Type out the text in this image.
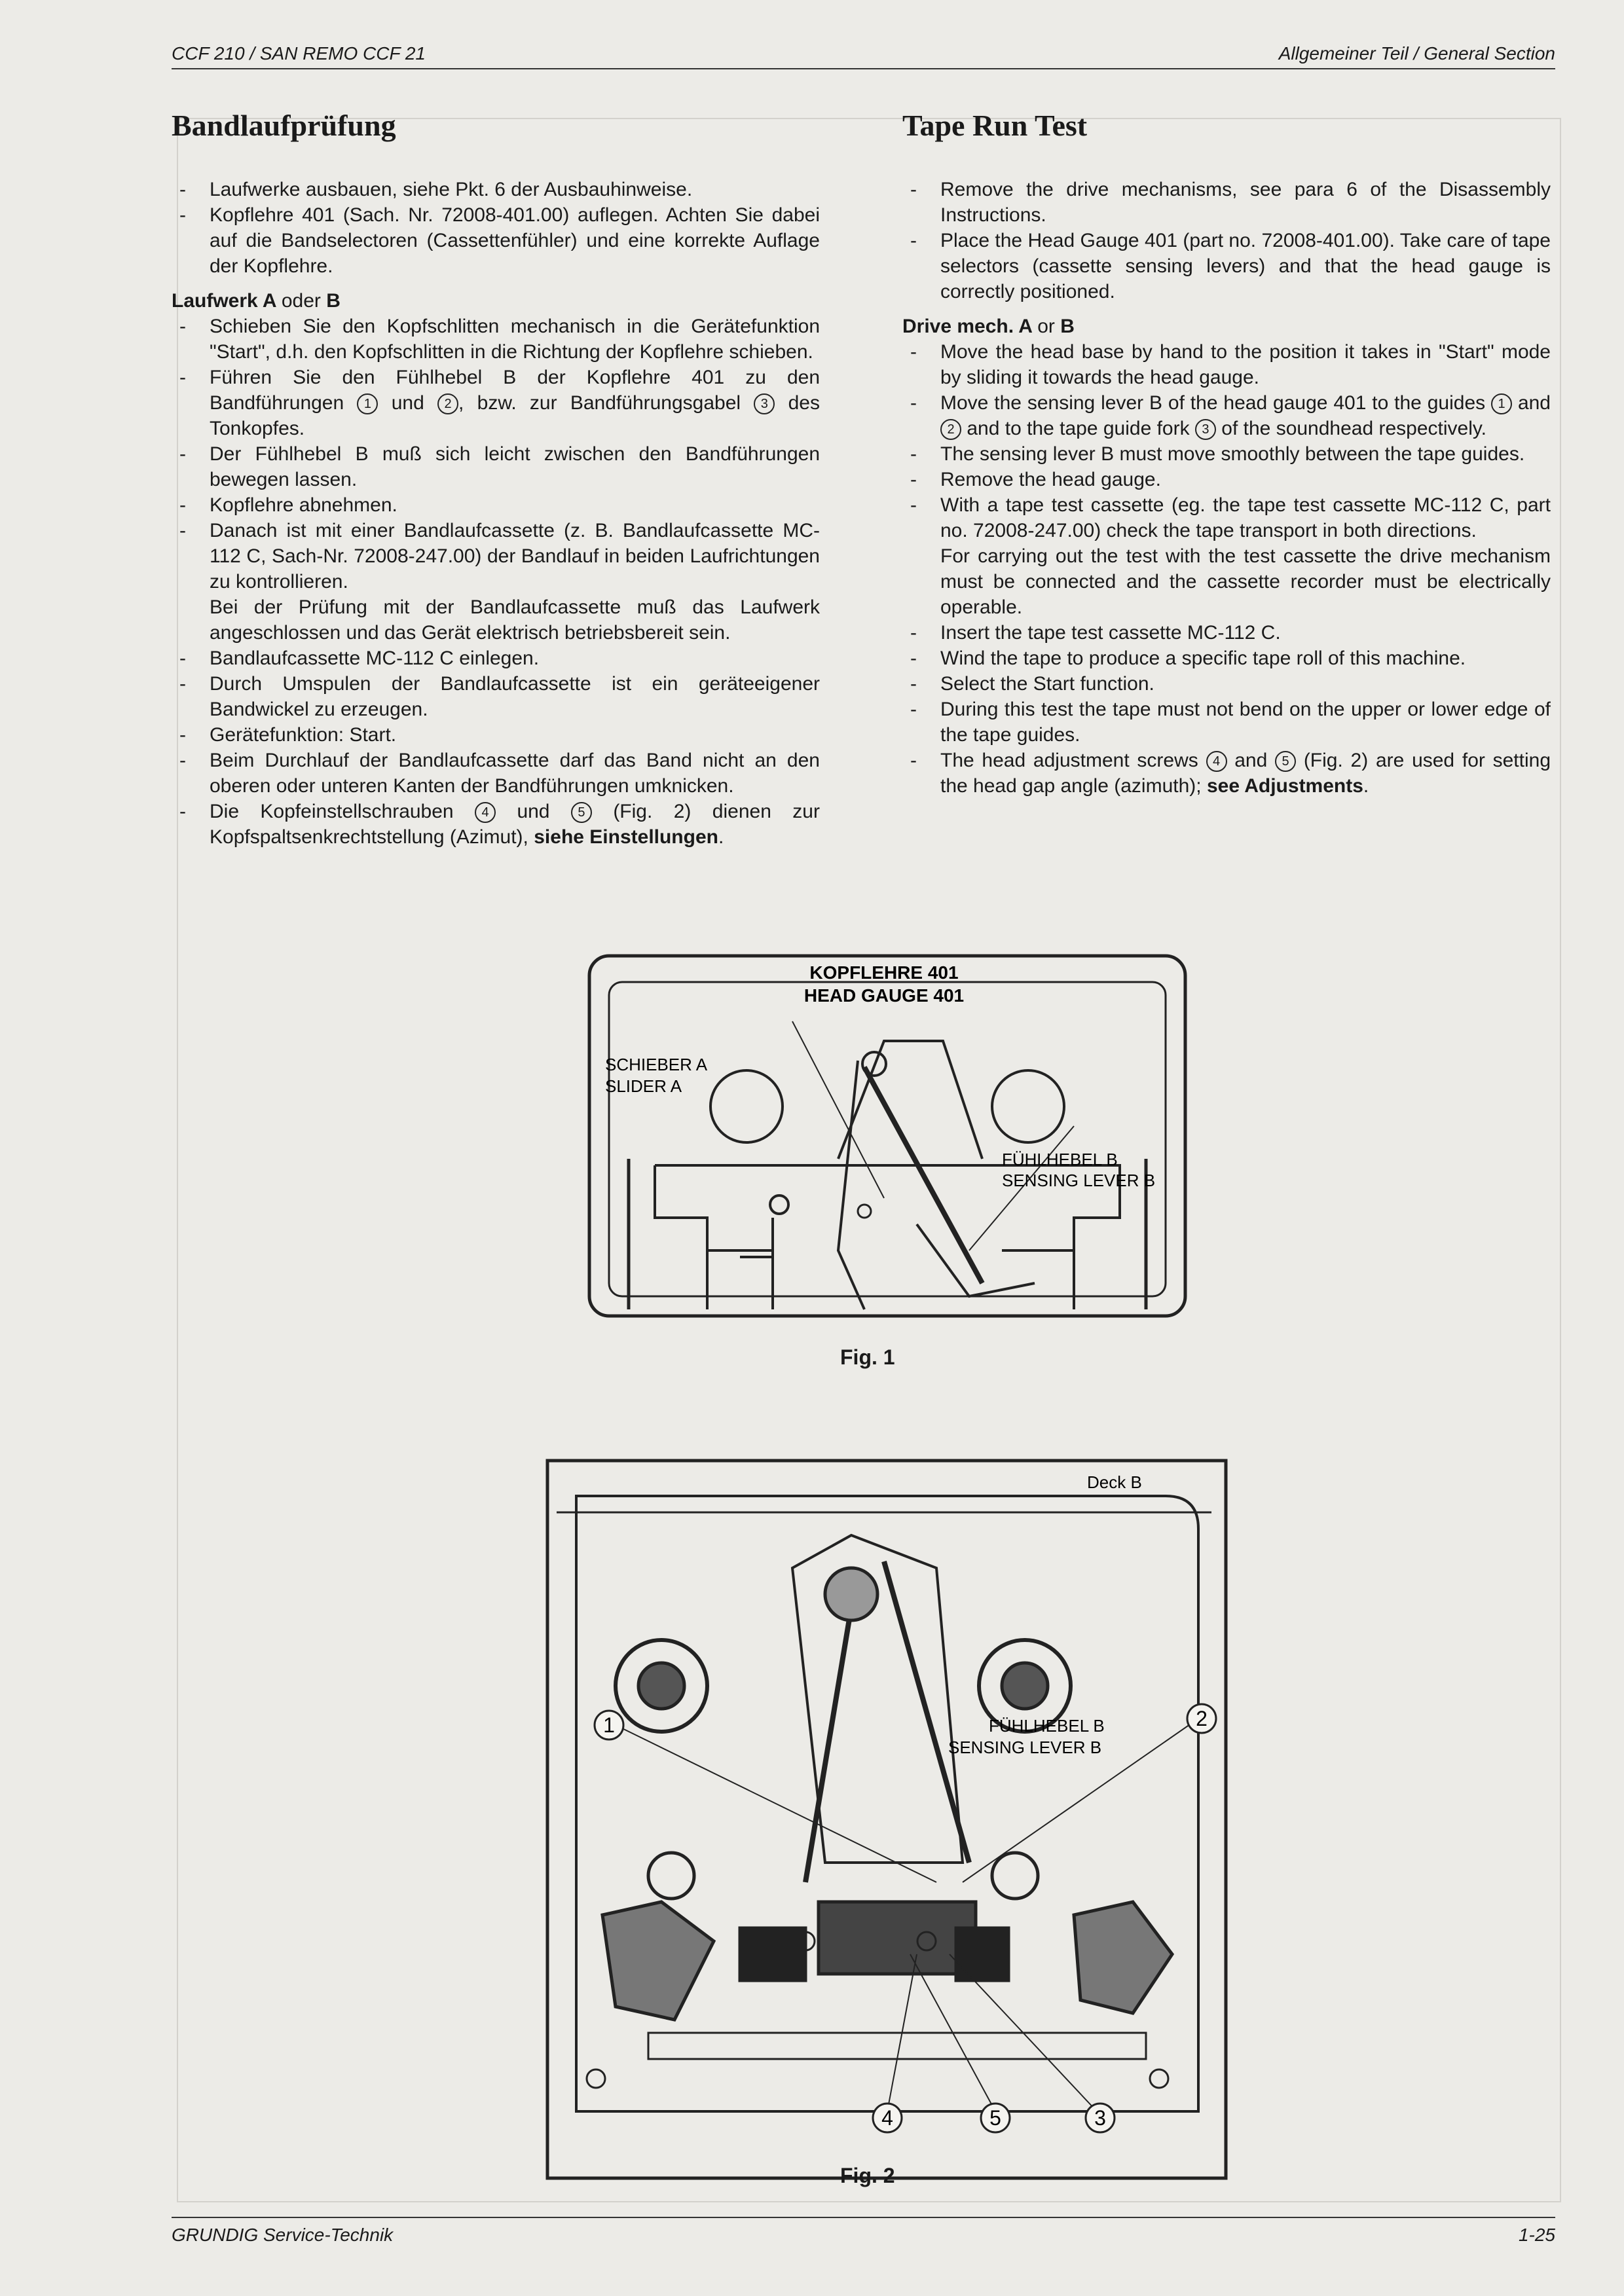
CCF 210 / SAN REMO CCF 21	Allgemeiner Teil / General Section
Bandlaufprüfung	Tape Run Test
- Laufwerke ausbauen, siehe Pkt. 6 der Ausbauhinweise.
- Kopflehre 401 (Sach. Nr. 72008-401.00) auflegen. Achten Sie dabei auf die Bandselectoren (Cassettenfühler) und eine korrekte Auflage der Kopflehre.
Laufwerk A oder B
- Schieben Sie den Kopfschlitten mechanisch in die Gerätefunktion "Start", d.h. den Kopfschlitten in die Richtung der Kopflehre schieben.
- Führen Sie den Fühlhebel B der Kopflehre 401 zu den Bandführungen 1 und 2 , bzw. zur Bandführungsgabel 3 des Tonkopfes.
- Der Fühlhebel B muß sich leicht zwischen den Bandführungen bewegen lassen.
- Kopflehre abnehmen.
- Danach ist mit einer Bandlaufcassette (z. B. Bandlaufcassette MC-112 C, Sach-Nr. 72008-247.00) der Bandlauf in beiden Laufrichtungen zu kontrollieren.
Bei der Prüfung mit der Bandlaufcassette muß das Laufwerk angeschlossen und das Gerät elektrisch betriebsbereit sein.
- Bandlaufcassette MC-112 C einlegen.
- Durch Umspulen der Bandlaufcassette ist ein geräteeigener Bandwickel zu erzeugen.
- Gerätefunktion: Start.
- Beim Durchlauf der Bandlaufcassette darf das Band nicht an den oberen oder unteren Kanten der Bandführungen umknicken.
- Die Kopfeinstellschrauben 4 und 5 (Fig. 2) dienen zur Kopfspaltsenkrechtstellung (Azimut), siehe Einstellungen.
- Remove the drive mechanisms, see para 6 of the Disassembly Instructions.
- Place the Head Gauge 401 (part no. 72008-401.00). Take care of tape selectors (cassette sensing levers) and that the head gauge is correctly positioned.
Drive mech. A or B
- Move the head base by hand to the position it takes in "Start" mode by sliding it towards the head gauge.
- Move the sensing lever B of the head gauge 401 to the guides 1 and 2 and to the tape guide fork 3 of the soundhead respectively.
- The sensing lever B must move smoothly between the tape guides.
- Remove the head gauge.
- With a tape test cassette (eg. the tape test cassette MC-112 C, part no. 72008-247.00) check the tape transport in both directions.
For carrying out the test with the test cassette the drive mechanism must be connected and the cassette recorder must be electrically operable.
- Insert the tape test cassette MC-112 C.
- Wind the tape to produce a specific tape roll of this machine.
- Select the Start function.
- During this test the tape must not bend on the upper or lower edge of the tape guides.
- The head adjustment screws 4 and 5 (Fig. 2) are used for setting the head gap angle (azimuth); see Adjustments.
KOPFLEHRE 401
HEAD GAUGE 401
SCHIEBER A
SLIDER A
FÜHLHEBEL B
SENSING LEVER B
Fig. 1
Deck B
FÜHLHEBEL B
SENSING LEVER B
1	2
3
4	5
Fig. 2
GRUNDIG Service-Technik	1-25
